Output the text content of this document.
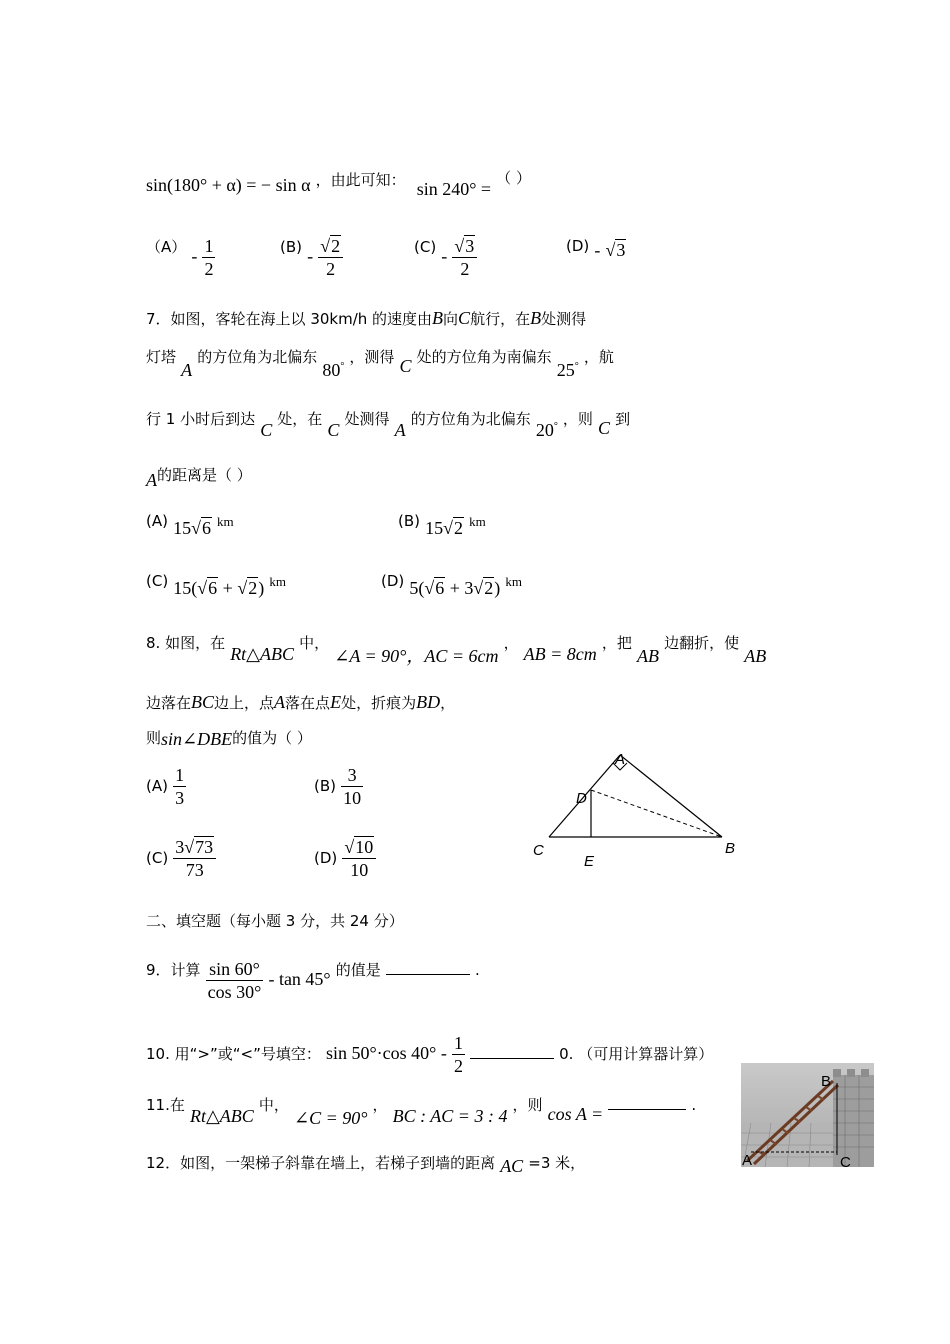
sin(180° + α) = − sin α ，由此可知： sin 240° = （ ）
$(A) - \frac{1}{2}$	$(B) - \frac{√2}{2}$	$(C) - \frac{√3}{2}$	(D) - √3
7．如图，客轮在海上以 30km/h 的速度由B向C航行，在B处测得
灯塔 A 的方位角为北偏东 80° ，测得 C 处的方位角为南偏东 25° ，航
行 1 小时后到达 C 处，在 C 处测得 A 的方位角为北偏东 20° ，则 C 到
A的距离是（ ）
(A) 15√6 km	(B) 15√2 km
(C) 15(√6 + √2) km	(D) 5(√6 + 3√2) km
8. 如图，在 Rt△ABC 中， ∠A = 90°，AC = 6cm ， AB = 8cm ，把 AB 边翻折，使 AB
边落在BC边上，点A落在点E处，折痕为BD，
则sin∠DBE的值为（ ）
$(A) \frac{1}{3}$	$(B) \frac{3}{10}$
$(C) \frac{3√73}{73}$	$(D) \frac{√10}{10}$
A
D
C
E
B
二、填空题（每小题 3 分，共 24 分）
9．计算 $\frac{\sin 60^\circ}{\cos 30^\circ}$ - tan 45° 的值是	.
10. 用“>”或“<”号填空： sin 50°·cos $40^\circ - \frac{1}{2}$	0. （可用计算器计算）
11.在 Rt△ABC 中， ∠C = 90° ， BC : AC = 3 : 4 ，则 cos A =	.
12．如图，一架梯子斜靠在墙上，若梯子到墙的距离 AC =3 米，
B
A	C
